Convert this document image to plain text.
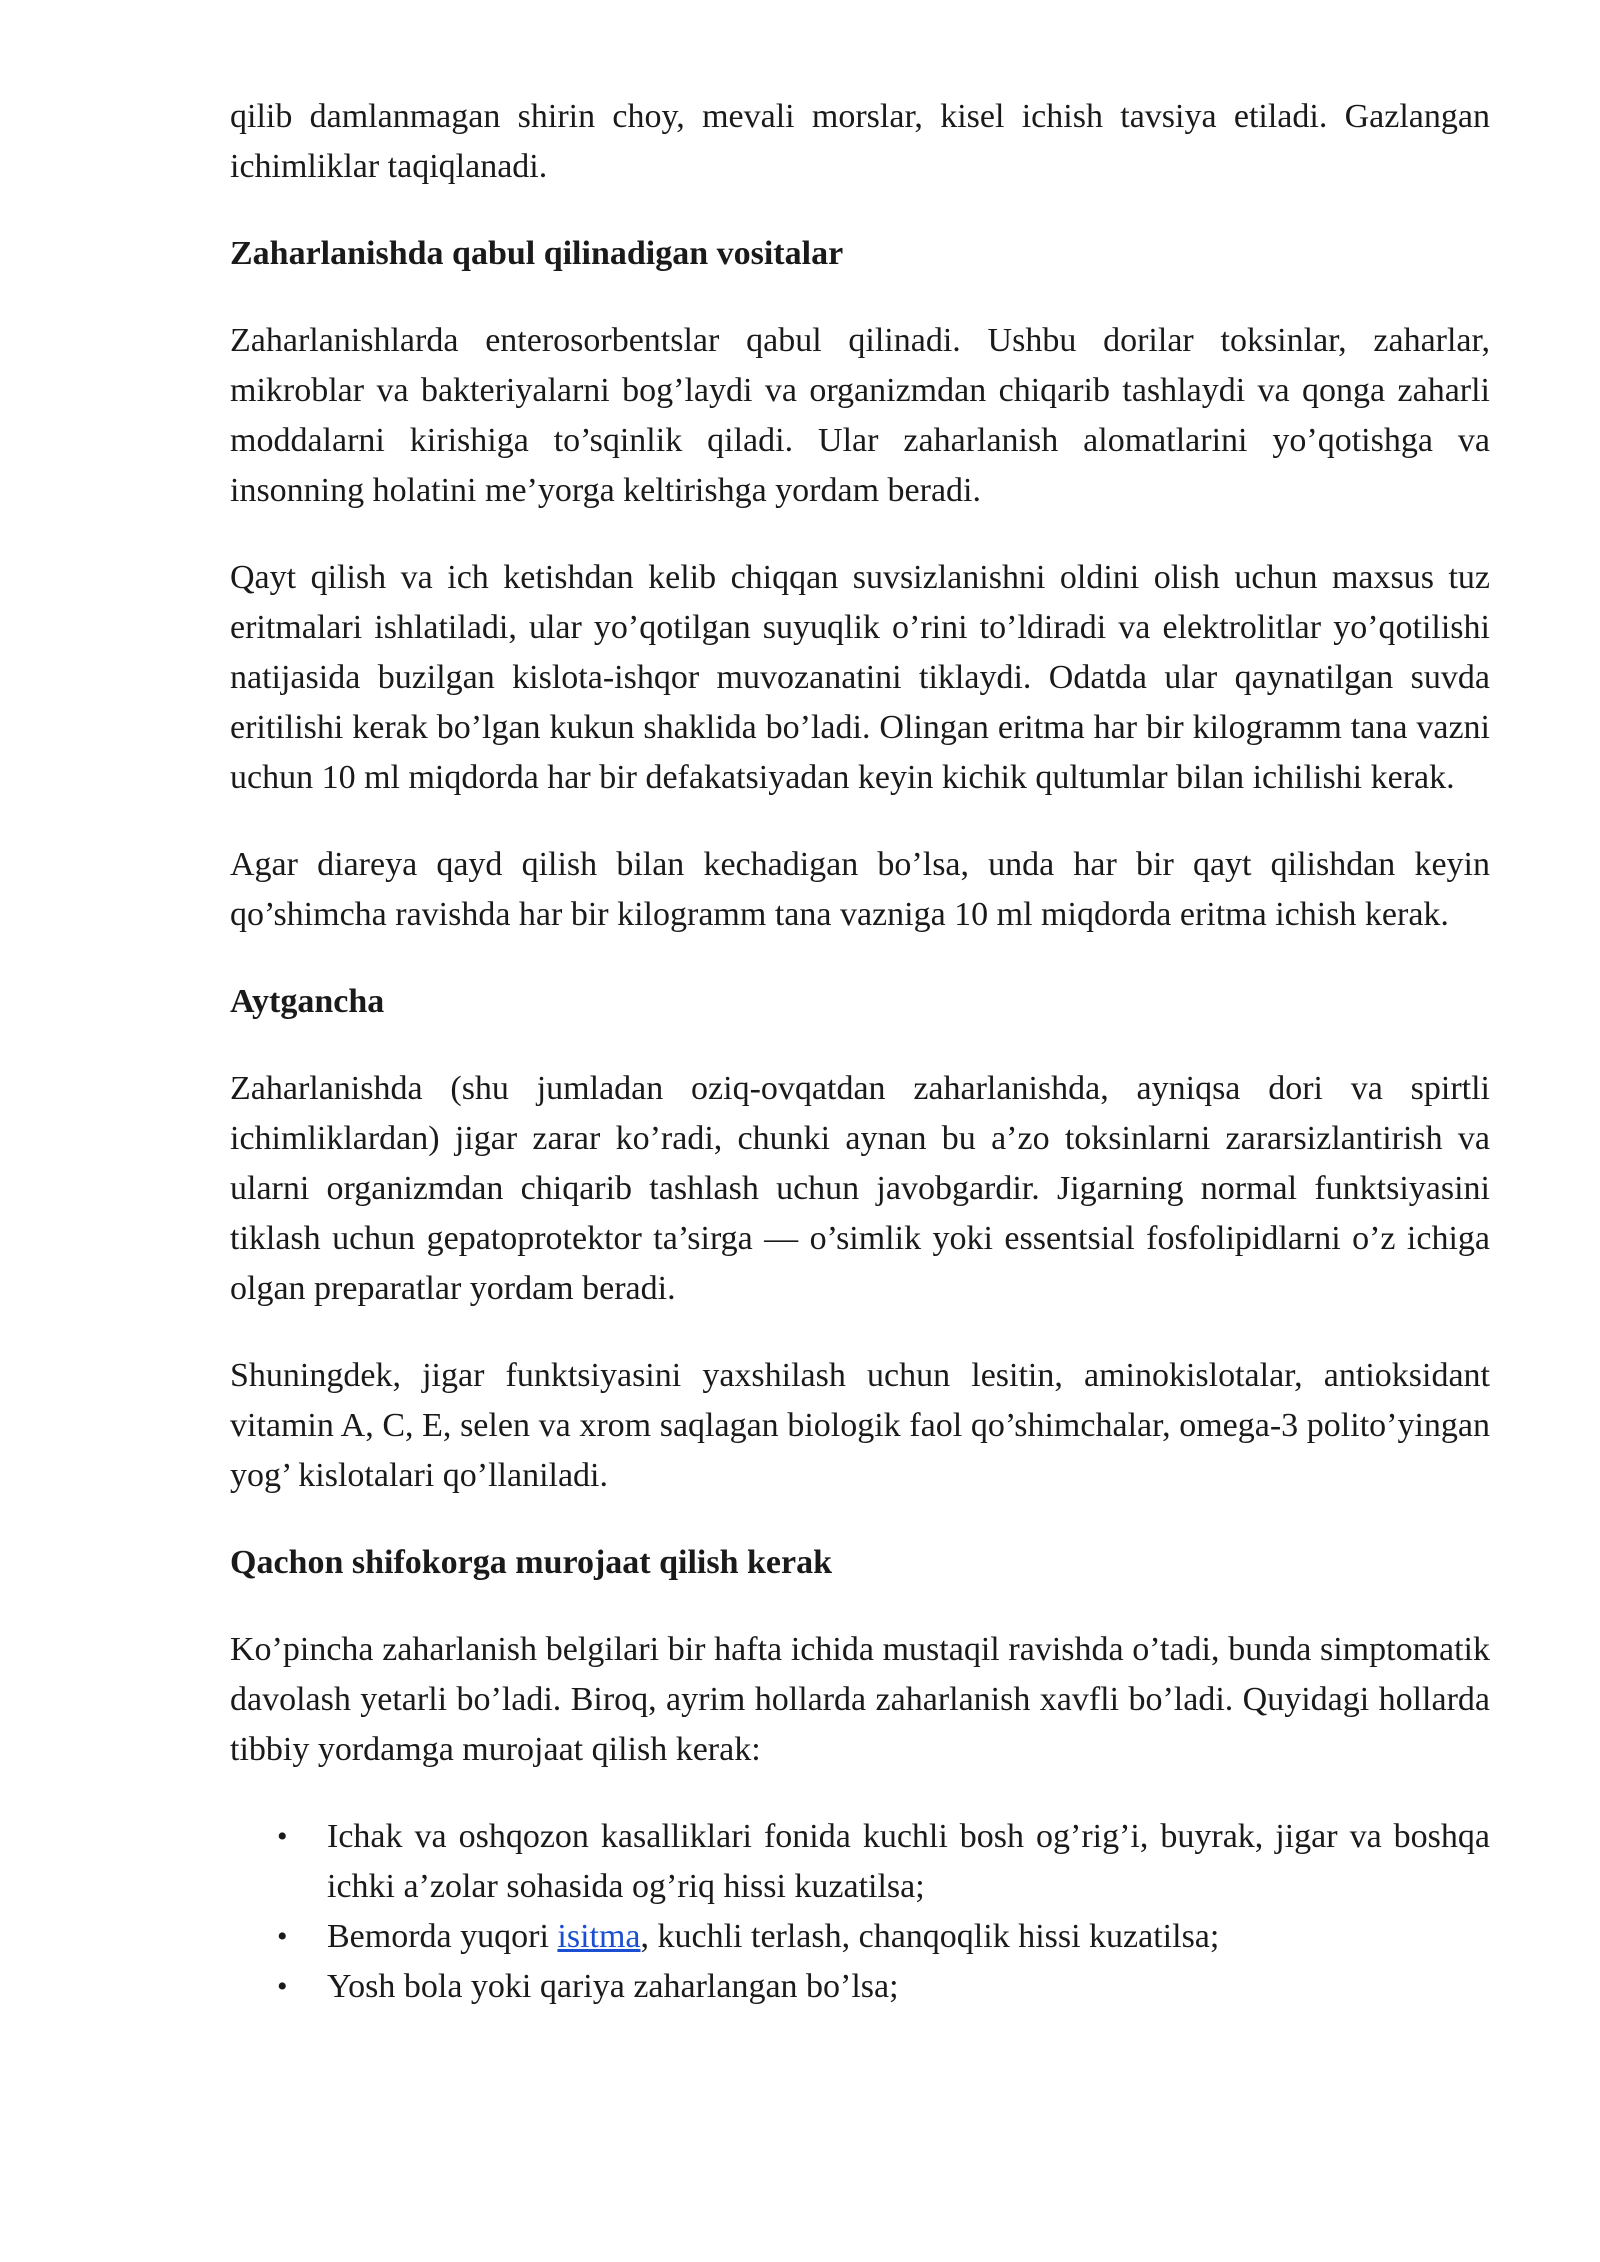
qilib damlanmagan shirin choy, mevali morslar, kisel ichish tavsiya etiladi. Gazlangan ichimliklar taqiqlanadi.

Zaharlanishda qabul qilinadigan vositalar

Zaharlanishlarda enterosorbentslar qabul qilinadi. Ushbu dorilar toksinlar, zaharlar, mikroblar va bakteriyalarni bog’laydi va organizmdan chiqarib tashlaydi va qonga zaharli moddalarni kirishiga to’sqinlik qiladi. Ular zaharlanish alomatlarini yo’qotishga va insonning holatini me’yorga keltirishga yordam beradi.

Qayt qilish va ich ketishdan kelib chiqqan suvsizlanishni oldini olish uchun maxsus tuz eritmalari ishlatiladi, ular yo’qotilgan suyuqlik o’rini to’ldiradi va elektrolitlar yo’qotilishi natijasida buzilgan kislota-ishqor muvozanatini tiklaydi. Odatda ular qaynatilgan suvda eritilishi kerak bo’lgan kukun shaklida bo’ladi. Olingan eritma har bir kilogramm tana vazni uchun 10 ml miqdorda har bir defakatsiyadan keyin kichik qultumlar bilan ichilishi kerak.

Agar diareya qayd qilish bilan kechadigan bo’lsa, unda har bir qayt qilishdan keyin qo’shimcha ravishda har bir kilogramm tana vazniga 10 ml miqdorda eritma ichish kerak.

Aytgancha

Zaharlanishda (shu jumladan oziq-ovqatdan zaharlanishda, ayniqsa dori va spirtli ichimliklardan) jigar zarar ko’radi, chunki aynan bu a’zo toksinlarni zararsizlantirish va ularni organizmdan chiqarib tashlash uchun javobgardir. Jigarning normal funktsiyasini tiklash uchun gepatoprotektor ta’sirga — o’simlik yoki essentsial fosfolipidlarni o’z ichiga olgan preparatlar yordam beradi.

Shuningdek, jigar funktsiyasini yaxshilash uchun lesitin, aminokislotalar, antioksidant vitamin A, C, E, selen va xrom saqlagan biologik faol qo’shimchalar, omega-3 polito’yingan yog’ kislotalari qo’llaniladi.

Qachon shifokorga murojaat qilish kerak

Ko’pincha zaharlanish belgilari bir hafta ichida mustaqil ravishda o’tadi, bunda simptomatik davolash yetarli bo’ladi. Biroq, ayrim hollarda zaharlanish xavfli bo’ladi. Quyidagi hollarda tibbiy yordamga murojaat qilish kerak:

• Ichak va oshqozon kasalliklari fonida kuchli bosh og’rig’i, buyrak, jigar va boshqa ichki a’zolar sohasida og’riq hissi kuzatilsa;
• Bemorda yuqori isitma, kuchli terlash, chanqoqlik hissi kuzatilsa;
• Yosh bola yoki qariya zaharlangan bo’lsa;
